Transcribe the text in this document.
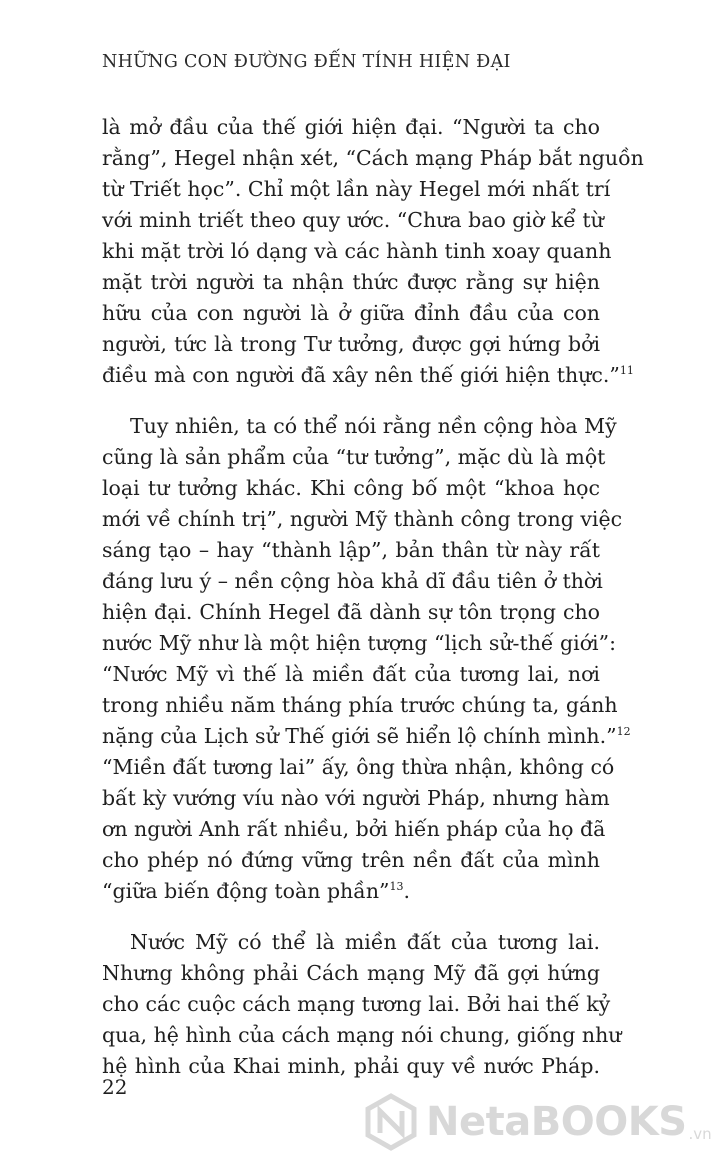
NHỮNG CON ĐƯỜNG ĐẾN TÍNH HIỆN ĐẠI

là mở đầu của thế giới hiện đại. “Người ta cho
rằng”, Hegel nhận xét, “Cách mạng Pháp bắt nguồn
từ Triết học”. Chỉ một lần này Hegel mới nhất trí
với minh triết theo quy ước. “Chưa bao giờ kể từ
khi mặt trời ló dạng và các hành tinh xoay quanh
mặt trời người ta nhận thức được rằng sự hiện
hữu của con người là ở giữa đỉnh đầu của con
người, tức là trong Tư tưởng, được gợi hứng bởi
điều mà con người đã xây nên thế giới hiện thực.”$^{11}$

Tuy nhiên, ta có thể nói rằng nền cộng hòa Mỹ
cũng là sản phẩm của “tư tưởng”, mặc dù là một
loại tư tưởng khác. Khi công bố một “khoa học
mới về chính trị”, người Mỹ thành công trong việc
sáng tạo – hay “thành lập”, bản thân từ này rất
đáng lưu ý – nền cộng hòa khả dĩ đầu tiên ở thời
hiện đại. Chính Hegel đã dành sự tôn trọng cho
nước Mỹ như là một hiện tượng “lịch sử-thế giới”:
“Nước Mỹ vì thế là miền đất của tương lai, nơi
trong nhiều năm tháng phía trước chúng ta, gánh
nặng của Lịch sử Thế giới sẽ hiển lộ chính mình.”$^{12}$
“Miền đất tương lai” ấy, ông thừa nhận, không có
bất kỳ vướng víu nào với người Pháp, nhưng hàm
ơn người Anh rất nhiều, bởi hiến pháp của họ đã
cho phép nó đứng vững trên nền đất của mình
“giữa biến động toàn phần”$^{13}$.

Nước Mỹ có thể là miền đất của tương lai.
Nhưng không phải Cách mạng Mỹ đã gợi hứng
cho các cuộc cách mạng tương lai. Bởi hai thế kỷ
qua, hệ hình của cách mạng nói chung, giống như
hệ hình của Khai minh, phải quy về nước Pháp.

22
NetaBOOKS .vn
